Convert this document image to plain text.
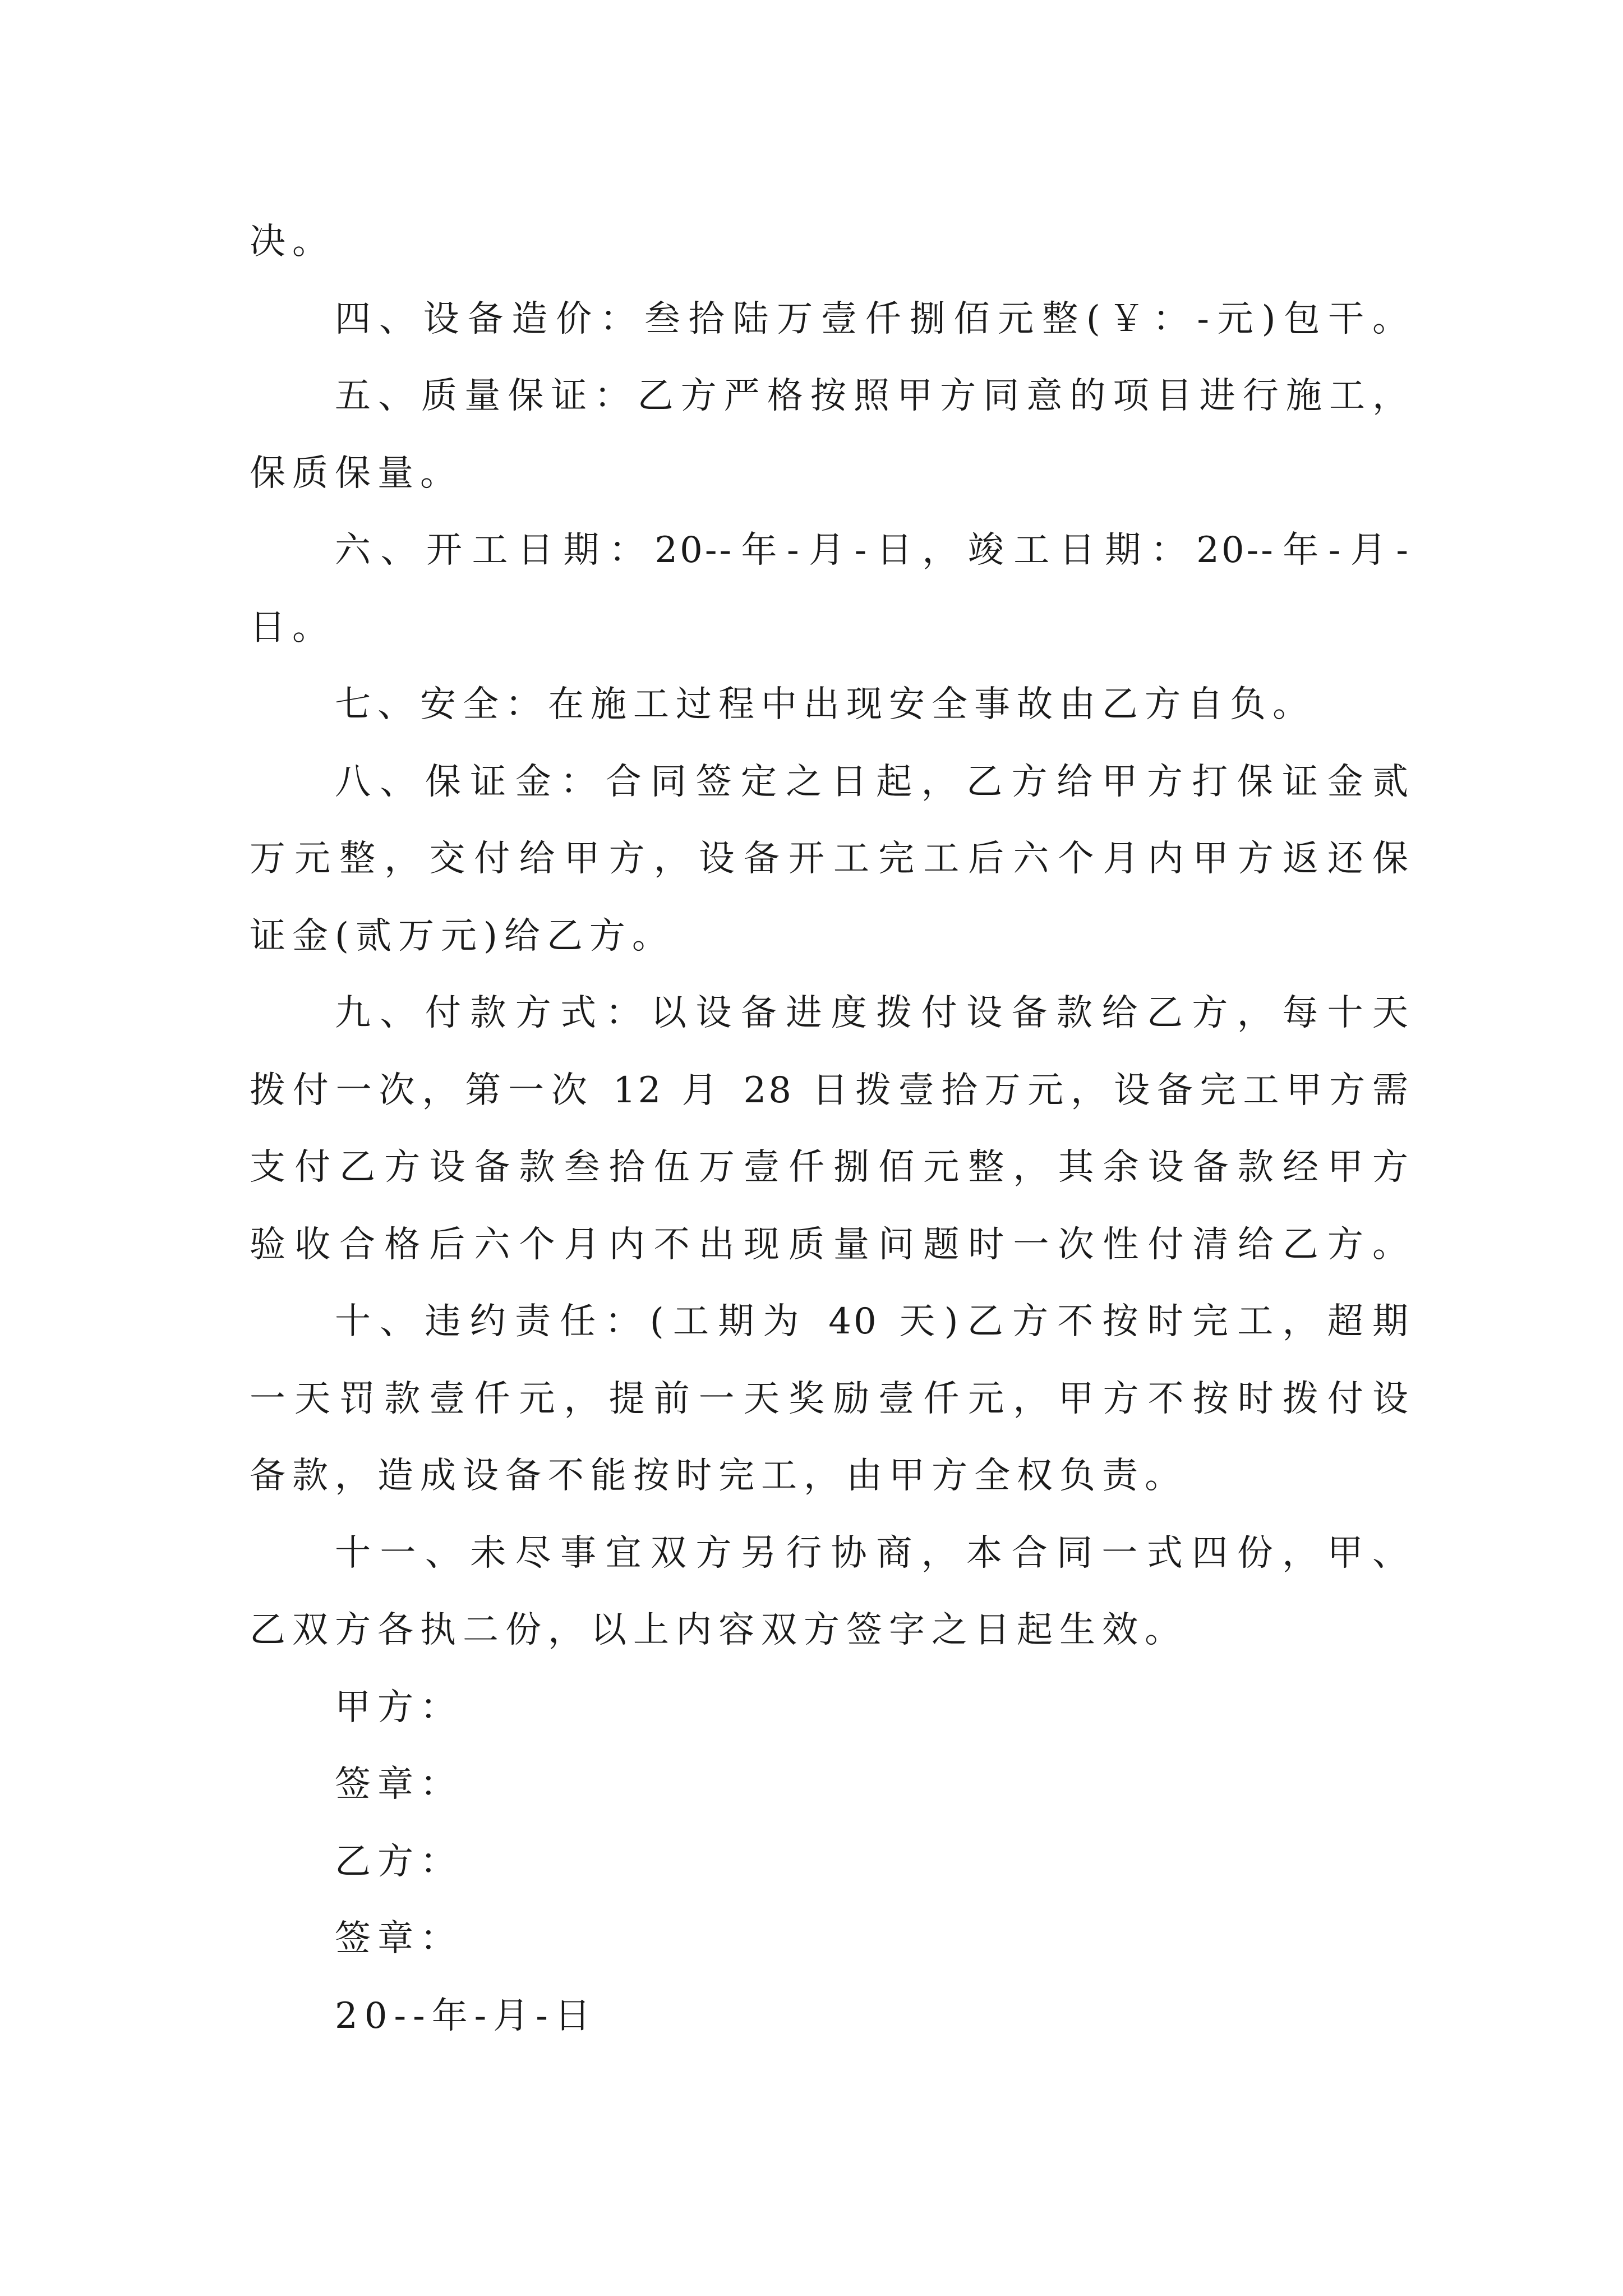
决。
四、设备造价：叁拾陆万壹仟捌佰元整(￥：-元)包干。
五、质量保证：乙方严格按照甲方同意的项目进行施工，
保质保量。
六、开工日期：20--年-月-日，竣工日期：20--年-月-
日。
七、安全：在施工过程中出现安全事故由乙方自负。
八、保证金：合同签定之日起，乙方给甲方打保证金贰
万元整，交付给甲方，设备开工完工后六个月内甲方返还保
证金(贰万元)给乙方。
九、付款方式：以设备进度拨付设备款给乙方，每十天
拨付一次，第一次 12 月 28 日拨壹拾万元，设备完工甲方需
支付乙方设备款叁拾伍万壹仟捌佰元整，其余设备款经甲方
验收合格后六个月内不出现质量问题时一次性付清给乙方。
十、违约责任：(工期为 40 天)乙方不按时完工，超期
一天罚款壹仟元，提前一天奖励壹仟元，甲方不按时拨付设
备款，造成设备不能按时完工，由甲方全权负责。
十一、未尽事宜双方另行协商，本合同一式四份，甲、
乙双方各执二份，以上内容双方签字之日起生效。
甲方：
签章：
乙方：
签章：
20--年-月-日
